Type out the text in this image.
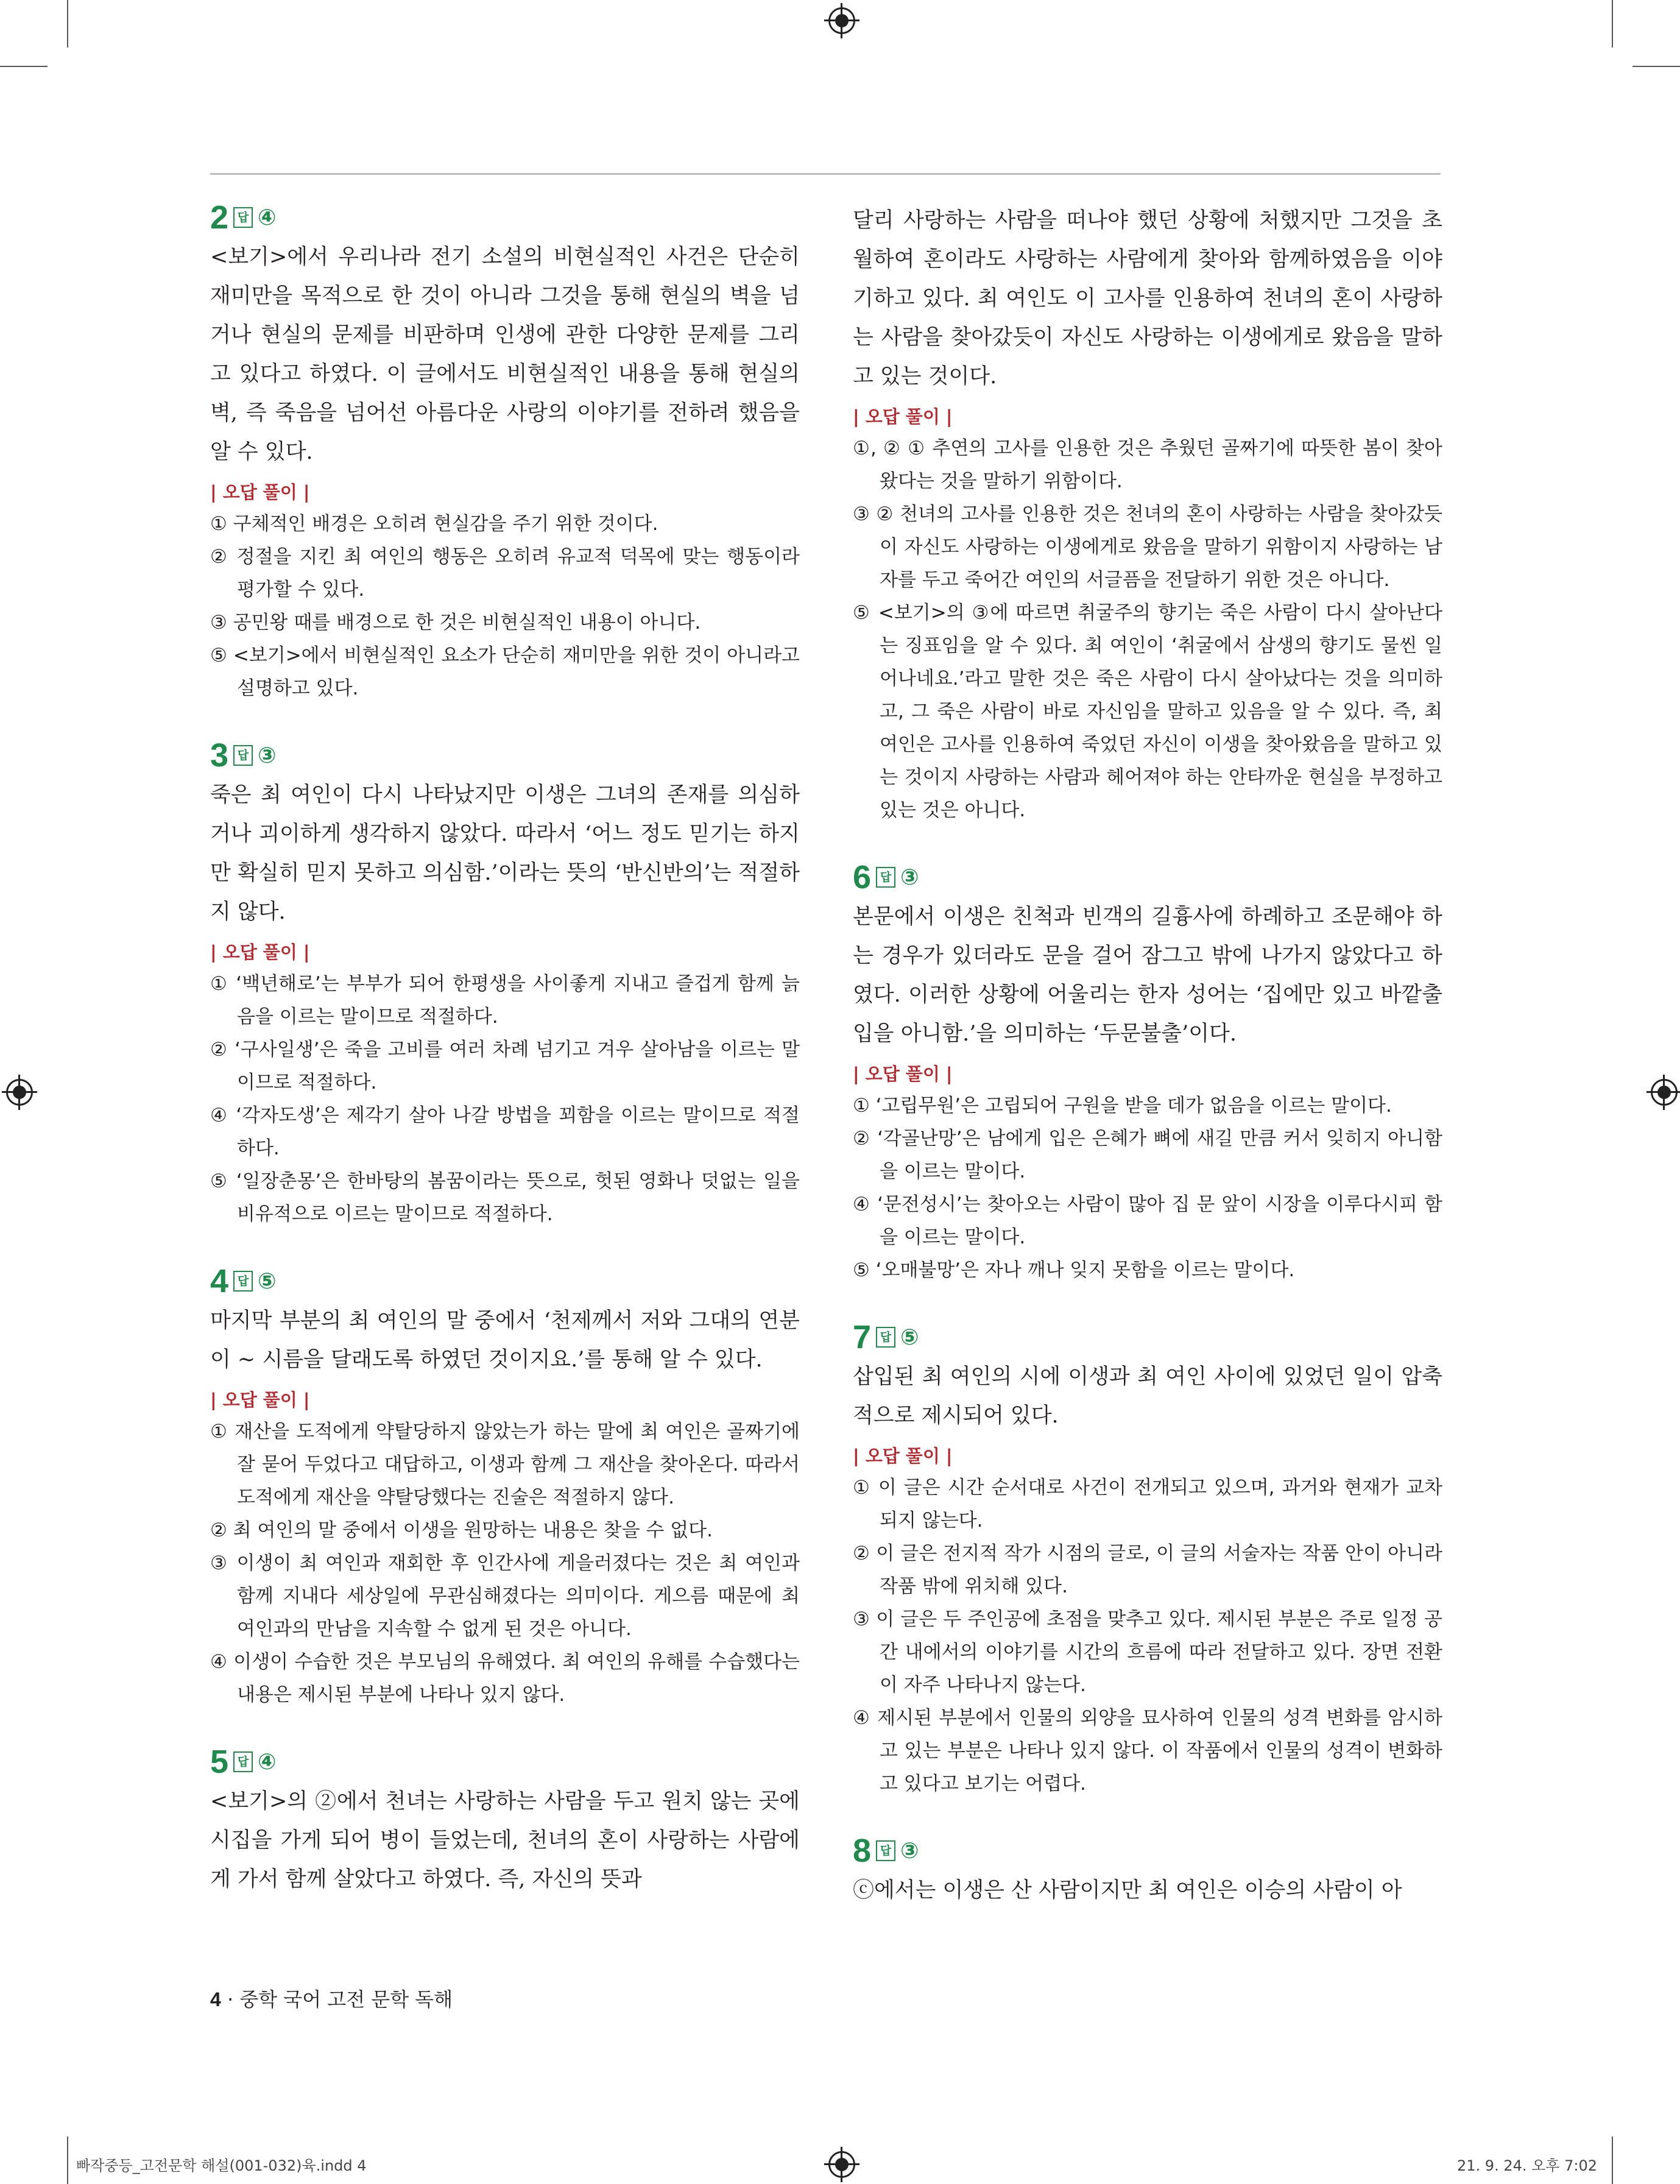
2 답 ④

<보기>에서 우리나라 전기 소설의 비현실적인 사건은 단순히 재미만을 목적으로 한 것이 아니라 그것을 통해 현실의 벽을 넘거나 현실의 문제를 비판하며 인생에 관한 다양한 문제를 그리고 있다고 하였다. 이 글에서도 비현실적인 내용을 통해 현실의 벽, 즉 죽음을 넘어선 아름다운 사랑의 이야기를 전하려 했음을 알 수 있다.

| 오답 풀이 |

① 구체적인 배경은 오히려 현실감을 주기 위한 것이다.

② 정절을 지킨 최 여인의 행동은 오히려 유교적 덕목에 맞는 행동이라 평가할 수 있다.

③ 공민왕 때를 배경으로 한 것은 비현실적인 내용이 아니다.

⑤ <보기>에서 비현실적인 요소가 단순히 재미만을 위한 것이 아니라고 설명하고 있다.

3 답 ③

죽은 최 여인이 다시 나타났지만 이생은 그녀의 존재를 의심하거나 괴이하게 생각하지 않았다. 따라서 ‘어느 정도 믿기는 하지만 확실히 믿지 못하고 의심함.’이라는 뜻의 ‘반신반의’는 적절하지 않다.

| 오답 풀이 |

① ‘백년해로’는 부부가 되어 한평생을 사이좋게 지내고 즐겁게 함께 늙음을 이르는 말이므로 적절하다.

② ‘구사일생’은 죽을 고비를 여러 차례 넘기고 겨우 살아남을 이르는 말이므로 적절하다.

④ ‘각자도생’은 제각기 살아 나갈 방법을 꾀함을 이르는 말이므로 적절하다.

⑤ ‘일장춘몽’은 한바탕의 봄꿈이라는 뜻으로, 헛된 영화나 덧없는 일을 비유적으로 이르는 말이므로 적절하다.

4 답 ⑤

마지막 부분의 최 여인의 말 중에서 ‘천제께서 저와 그대의 연분이 ~ 시름을 달래도록 하였던 것이지요.’를 통해 알 수 있다.

| 오답 풀이 |

① 재산을 도적에게 약탈당하지 않았는가 하는 말에 최 여인은 골짜기에 잘 묻어 두었다고 대답하고, 이생과 함께 그 재산을 찾아온다. 따라서 도적에게 재산을 약탈당했다는 진술은 적절하지 않다.

② 최 여인의 말 중에서 이생을 원망하는 내용은 찾을 수 없다.

③ 이생이 최 여인과 재회한 후 인간사에 게을러졌다는 것은 최 여인과 함께 지내다 세상일에 무관심해졌다는 의미이다. 게으름 때문에 최 여인과의 만남을 지속할 수 없게 된 것은 아니다.

④ 이생이 수습한 것은 부모님의 유해였다. 최 여인의 유해를 수습했다는 내용은 제시된 부분에 나타나 있지 않다.

5 답 ④

<보기>의 ②에서 천녀는 사랑하는 사람을 두고 원치 않는 곳에 시집을 가게 되어 병이 들었는데, 천녀의 혼이 사랑하는 사람에게 가서 함께 살았다고 하였다. 즉, 자신의 뜻과

달리 사랑하는 사람을 떠나야 했던 상황에 처했지만 그것을 초월하여 혼이라도 사랑하는 사람에게 찾아와 함께하였음을 이야기하고 있다. 최 여인도 이 고사를 인용하여 천녀의 혼이 사랑하는 사람을 찾아갔듯이 자신도 사랑하는 이생에게로 왔음을 말하고 있는 것이다.

| 오답 풀이 |

①, ② ① 추연의 고사를 인용한 것은 추웠던 골짜기에 따뜻한 봄이 찾아왔다는 것을 말하기 위함이다.

③ ② 천녀의 고사를 인용한 것은 천녀의 혼이 사랑하는 사람을 찾아갔듯이 자신도 사랑하는 이생에게로 왔음을 말하기 위함이지 사랑하는 남자를 두고 죽어간 여인의 서글픔을 전달하기 위한 것은 아니다.

⑤ <보기>의 ③에 따르면 취굴주의 향기는 죽은 사람이 다시 살아난다는 징표임을 알 수 있다. 최 여인이 ‘취굴에서 삼생의 향기도 물씬 일어나네요.’라고 말한 것은 죽은 사람이 다시 살아났다는 것을 의미하고, 그 죽은 사람이 바로 자신임을 말하고 있음을 알 수 있다. 즉, 최 여인은 고사를 인용하여 죽었던 자신이 이생을 찾아왔음을 말하고 있는 것이지 사랑하는 사람과 헤어져야 하는 안타까운 현실을 부정하고 있는 것은 아니다.

6 답 ③

본문에서 이생은 친척과 빈객의 길흉사에 하례하고 조문해야 하는 경우가 있더라도 문을 걸어 잠그고 밖에 나가지 않았다고 하였다. 이러한 상황에 어울리는 한자 성어는 ‘집에만 있고 바깥출입을 아니함.’을 의미하는 ‘두문불출’이다.

| 오답 풀이 |

① ‘고립무원’은 고립되어 구원을 받을 데가 없음을 이르는 말이다.

② ‘각골난망’은 남에게 입은 은혜가 뼈에 새길 만큼 커서 잊히지 아니함을 이르는 말이다.

④ ‘문전성시’는 찾아오는 사람이 많아 집 문 앞이 시장을 이루다시피 함을 이르는 말이다.

⑤ ‘오매불망’은 자나 깨나 잊지 못함을 이르는 말이다.

7 답 ⑤

삽입된 최 여인의 시에 이생과 최 여인 사이에 있었던 일이 압축적으로 제시되어 있다.

| 오답 풀이 |

① 이 글은 시간 순서대로 사건이 전개되고 있으며, 과거와 현재가 교차되지 않는다.

② 이 글은 전지적 작가 시점의 글로, 이 글의 서술자는 작품 안이 아니라 작품 밖에 위치해 있다.

③ 이 글은 두 주인공에 초점을 맞추고 있다. 제시된 부분은 주로 일정 공간 내에서의 이야기를 시간의 흐름에 따라 전달하고 있다. 장면 전환이 자주 나타나지 않는다.

④ 제시된 부분에서 인물의 외양을 묘사하여 인물의 성격 변화를 암시하고 있는 부분은 나타나 있지 않다. 이 작품에서 인물의 성격이 변화하고 있다고 보기는 어렵다.

8 답 ③

ⓒ에서는 이생은 산 사람이지만 최 여인은 이승의 사람이 아

4 · 중학 국어 고전 문학 독해
빠작중등_고전문학 해설(001-032)육.indd 4	21. 9. 24. 오후 7:02
